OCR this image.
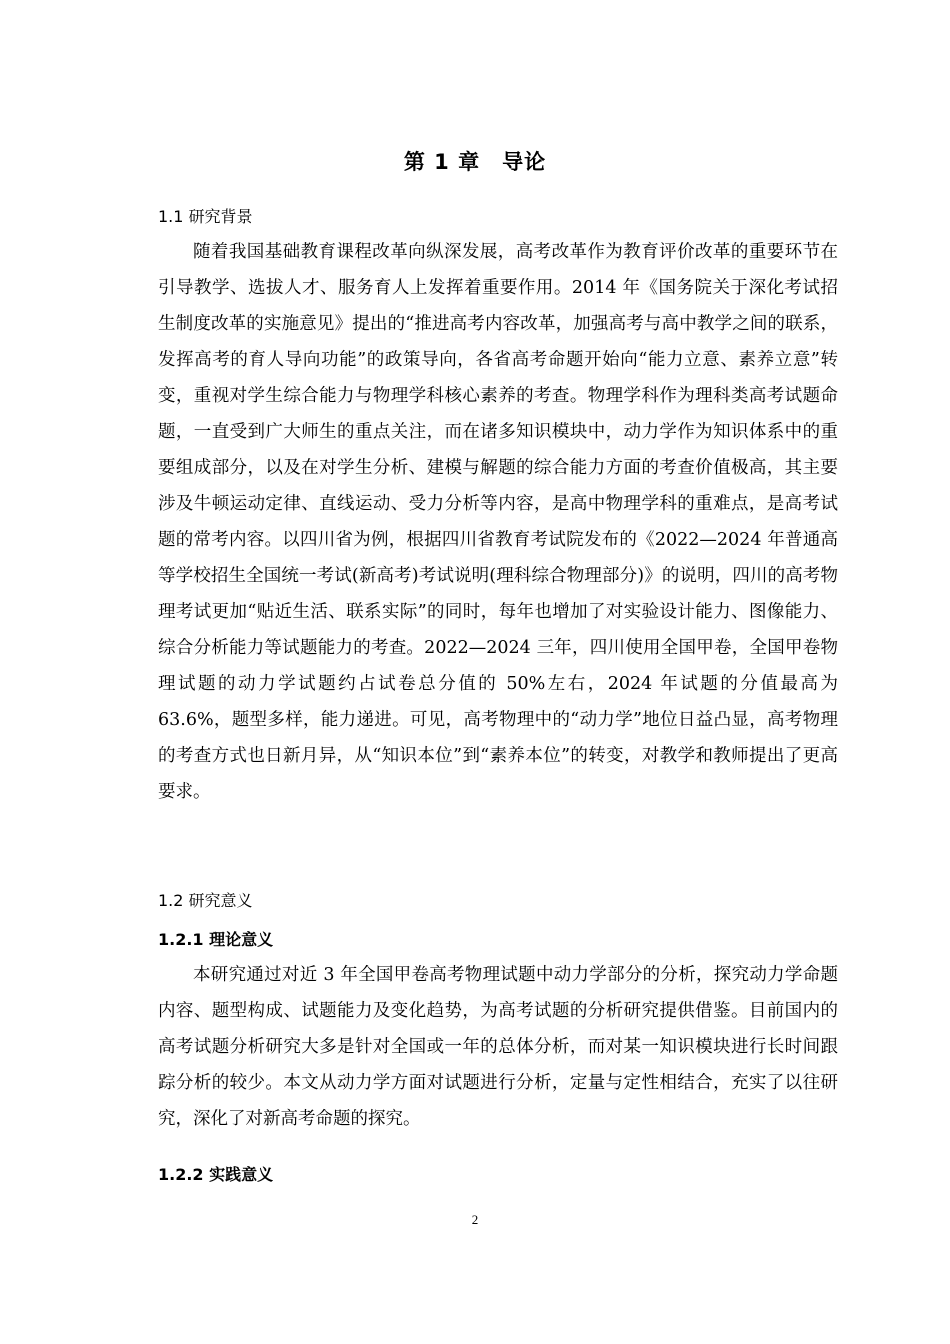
第 1 章　导论
1.1 研究背景

随着我国基础教育课程改革向纵深发展，高考改革作为教育评价改革的重要环节在引导教学、选拔人才、服务育人上发挥着重要作用。2014 年《国务院关于深化考试招生制度改革的实施意见》提出的“推进高考内容改革，加强高考与高中教学之间的联系，发挥高考的育人导向功能”的政策导向，各省高考命题开始向“能力立意、素养立意”转变，重视对学生综合能力与物理学科核心素养的考查。物理学科作为理科类高考试题命题，一直受到广大师生的重点关注，而在诸多知识模块中，动力学作为知识体系中的重要组成部分，以及在对学生分析、建模与解题的综合能力方面的考查价值极高，其主要涉及牛顿运动定律、直线运动、受力分析等内容，是高中物理学科的重难点，是高考试题的常考内容。以四川省为例，根据四川省教育考试院发布的《2022—2024 年普通高等学校招生全国统一考试(新高考)考试说明(理科综合物理部分)》的说明，四川的高考物理考试更加“贴近生活、联系实际”的同时，每年也增加了对实验设计能力、图像能力、综合分析能力等试题能力的考查。2022—2024 三年，四川使用全国甲卷，全国甲卷物理试题的动力学试题约占试卷总分值的 50%左右，2024 年试题的分值最高为 63.6%，题型多样，能力递进。可见，高考物理中的“动力学”地位日益凸显，高考物理的考查方式也日新月异，从“知识本位”到“素养本位”的转变，对教学和教师提出了更高要求。

1.2 研究意义
1.2.1 理论意义

本研究通过对近 3 年全国甲卷高考物理试题中动力学部分的分析，探究动力学命题内容、题型构成、试题能力及变化趋势，为高考试题的分析研究提供借鉴。目前国内的高考试题分析研究大多是针对全国或一年的总体分析，而对某一知识模块进行长时间跟踪分析的较少。本文从动力学方面对试题进行分析，定量与定性相结合，充实了以往研究，深化了对新高考命题的探究。

1.2.2 实践意义
2
